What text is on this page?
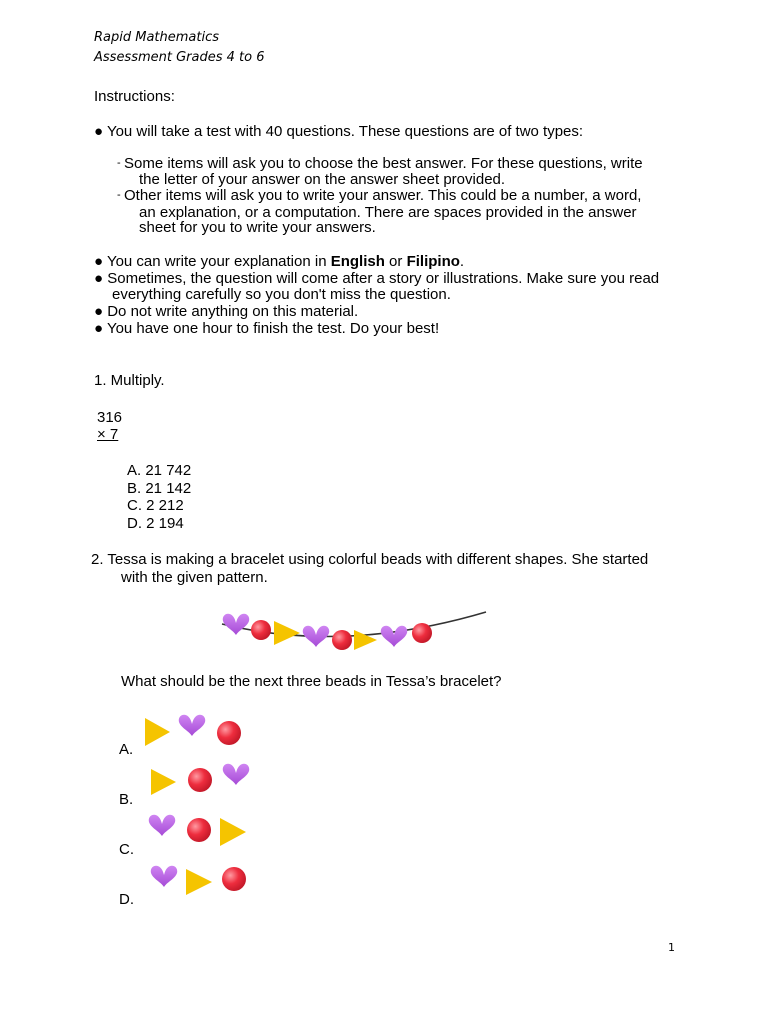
Rapid Mathematics
Assessment Grades 4 to 6
Instructions:
● You will take a test with 40 questions. These questions are of two types:
- Some items will ask you to choose the best answer. For these questions, write
the letter of your answer on the answer sheet provided.
- Other items will ask you to write your answer. This could be a number, a word,
an explanation, or a computation. There are spaces provided in the answer
sheet for you to write your answers.
● You can write your explanation in English or Filipino.
● Sometimes, the question will come after a story or illustrations. Make sure you read
everything carefully so you don't miss the question.
● Do not write anything on this material.
● You have one hour to finish the test. Do your best!
1. Multiply.
316
× 7
A. 21 742
B. 21 142
C. 2 212
D. 2 194
2. Tessa is making a bracelet using colorful beads with different shapes. She started
with the given pattern.
What should be the next three beads in Tessa’s bracelet?
A.
B.
C.
D.
1
